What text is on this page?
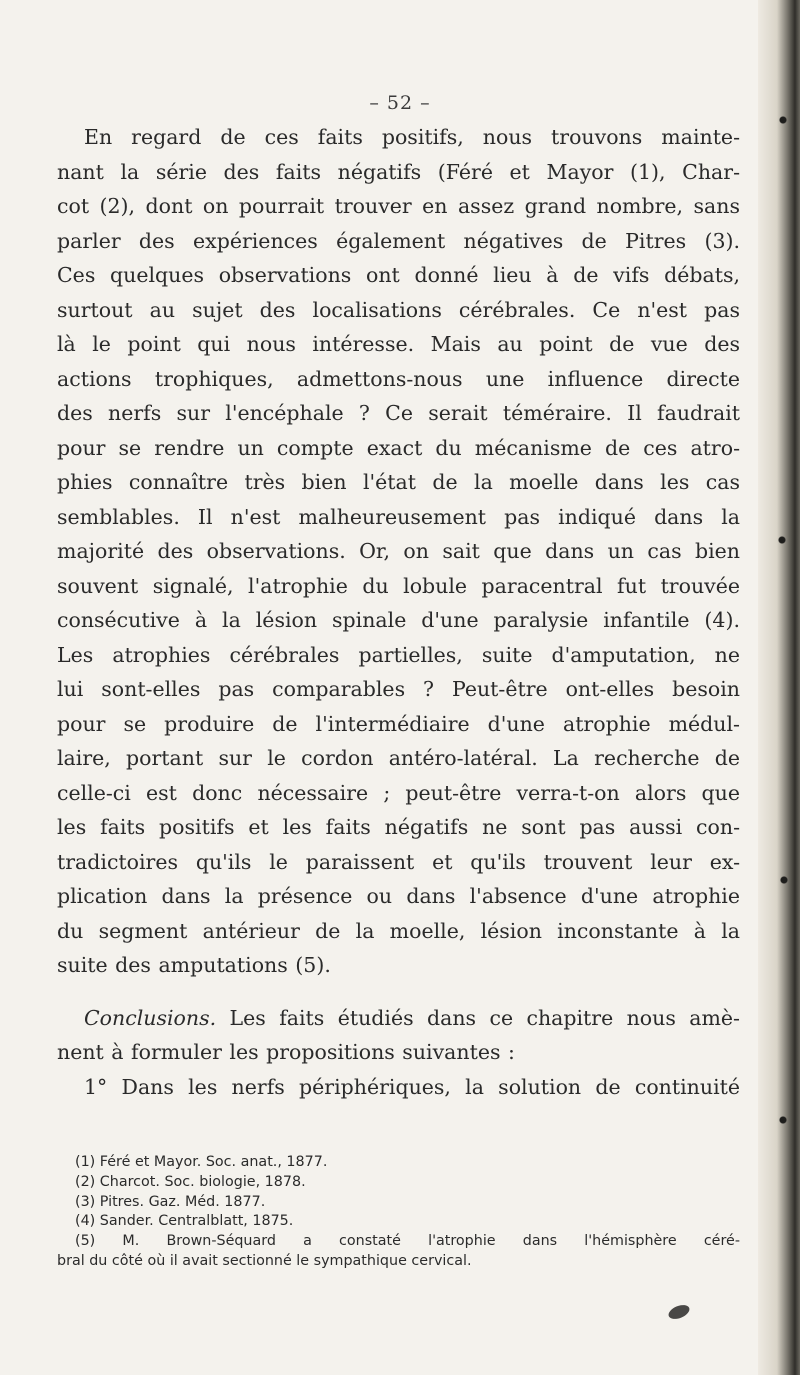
– 52 –
En regard de ces faits positifs, nous trouvons mainte-
nant la série des faits négatifs (Féré et Mayor (1), Char-
cot (2), dont on pourrait trouver en assez grand nombre, sans
parler des expériences également négatives de Pitres (3).
Ces quelques observations ont donné lieu à de vifs débats,
surtout au sujet des localisations cérébrales. Ce n'est pas
là le point qui nous intéresse. Mais au point de vue des
actions trophiques, admettons-nous une influence directe
des nerfs sur l'encéphale ? Ce serait téméraire. Il faudrait
pour se rendre un compte exact du mécanisme de ces atro-
phies connaître très bien l'état de la moelle dans les cas
semblables. Il n'est malheureusement pas indiqué dans la
majorité des observations. Or, on sait que dans un cas bien
souvent signalé, l'atrophie du lobule paracentral fut trouvée
consécutive à la lésion spinale d'une paralysie infantile (4).
Les atrophies cérébrales partielles, suite d'amputation, ne
lui sont-elles pas comparables ? Peut-être ont-elles besoin
pour se produire de l'intermédiaire d'une atrophie médul-
laire, portant sur le cordon antéro-latéral. La recherche de
celle-ci est donc nécessaire ; peut-être verra-t-on alors que
les faits positifs et les faits négatifs ne sont pas aussi con-
tradictoires qu'ils le paraissent et qu'ils trouvent leur ex-
plication dans la présence ou dans l'absence d'une atrophie
du segment antérieur de la moelle, lésion inconstante à la
suite des amputations (5).
Conclusions. Les faits étudiés dans ce chapitre nous amè-
nent à formuler les propositions suivantes :
1° Dans les nerfs périphériques, la solution de continuité
(1) Féré et Mayor. Soc. anat., 1877.
(2) Charcot. Soc. biologie, 1878.
(3) Pitres. Gaz. Méd. 1877.
(4) Sander. Centralblatt, 1875.
(5) M. Brown-Séquard a constaté l'atrophie dans l'hémisphère céré-
bral du côté où il avait sectionné le sympathique cervical.
